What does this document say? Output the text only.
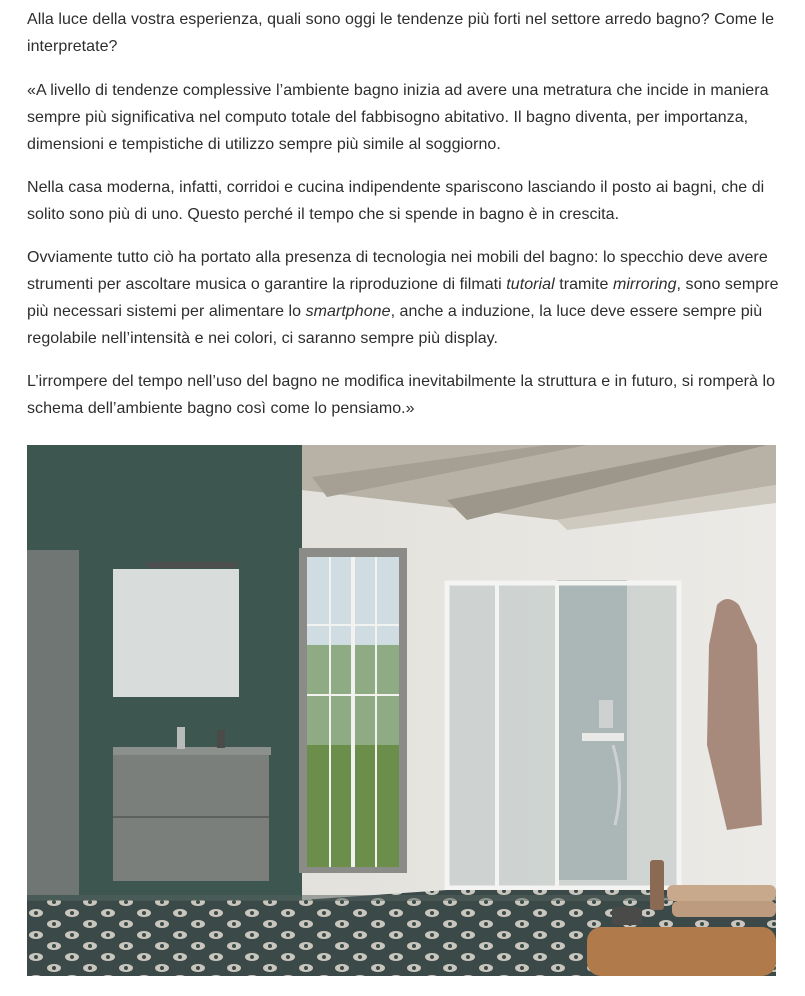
Alla luce della vostra esperienza, quali sono oggi le tendenze più forti nel settore arredo bagno? Come le interpretate?

«A livello di tendenze complessive l’ambiente bagno inizia ad avere una metratura che incide in maniera sempre più significativa nel computo totale del fabbisogno abitativo. Il bagno diventa, per importanza, dimensioni e tempistiche di utilizzo sempre più simile al soggiorno.

Nella casa moderna, infatti, corridoi e cucina indipendente spariscono lasciando il posto ai bagni, che di solito sono più di uno. Questo perché il tempo che si spende in bagno è in crescita.

Ovviamente tutto ciò ha portato alla presenza di tecnologia nei mobili del bagno: lo specchio deve avere strumenti per ascoltare musica o garantire la riproduzione di filmati tutorial tramite mirroring, sono sempre più necessari sistemi per alimentare lo smartphone, anche a induzione, la luce deve essere sempre più regolabile nell’intensità e nei colori, ci saranno sempre più display.

L’irrompere del tempo nell’uso del bagno ne modifica inevitabilmente la struttura e in futuro, si romperà lo schema dell’ambiente bagno così come lo pensiamo.»
